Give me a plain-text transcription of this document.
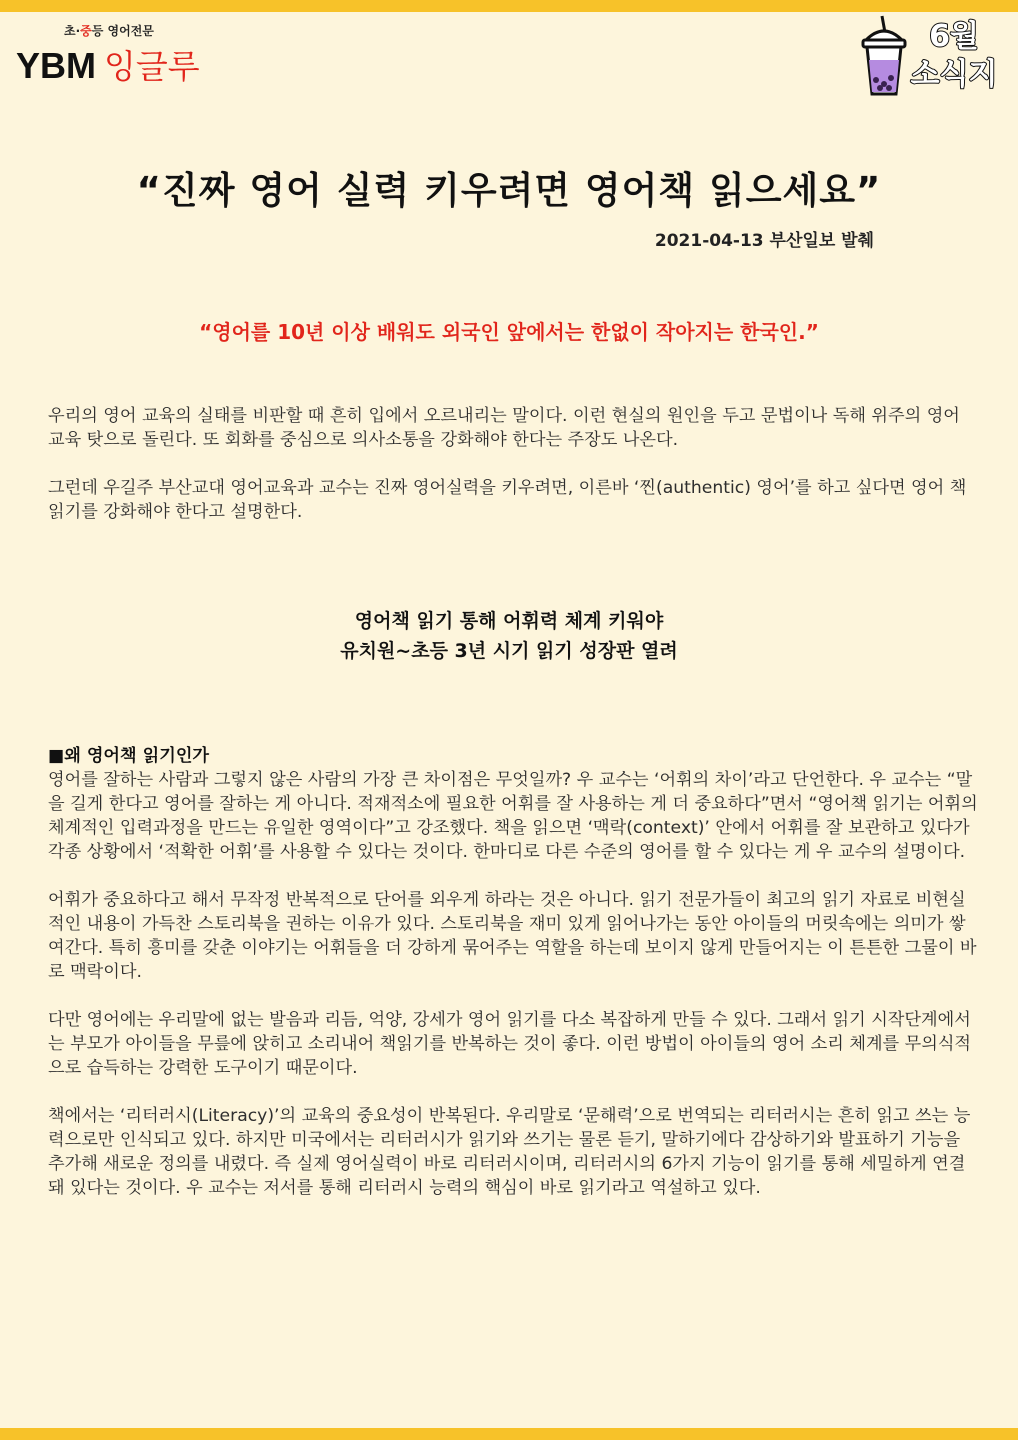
초·중등 영어전문
YBM 잉글루
6월
소식지
“진짜 영어 실력 키우려면 영어책 읽으세요”
2021-04-13 부산일보 발췌
“영어를 10년 이상 배워도 외국인 앞에서는 한없이 작아지는 한국인.”

우리의 영어 교육의 실태를 비판할 때 흔히 입에서 오르내리는 말이다. 이런 현실의 원인을 두고 문법이나 독해 위주의 영어 교육 탓으로 돌린다. 또 회화를 중심으로 의사소통을 강화해야 한다는 주장도 나온다.

그런데 우길주 부산교대 영어교육과 교수는 진짜 영어실력을 키우려면, 이른바 ‘찐(authentic) 영어’를 하고 싶다면 영어 책읽기를 강화해야 한다고 설명한다.

영어책 읽기 통해 어휘력 체계 키워야
유치원~초등 3년 시기 읽기 성장판 열려

■왜 영어책 읽기인가
영어를 잘하는 사람과 그렇지 않은 사람의 가장 큰 차이점은 무엇일까? 우 교수는 ‘어휘의 차이’라고 단언한다. 우 교수는 “말을 길게 한다고 영어를 잘하는 게 아니다. 적재적소에 필요한 어휘를 잘 사용하는 게 더 중요하다”면서 “영어책 읽기는 어휘의 체계적인 입력과정을 만드는 유일한 영역이다”고 강조했다. 책을 읽으면 ‘맥락(context)’ 안에서 어휘를 잘 보관하고 있다가 각종 상황에서 ‘적확한 어휘’를 사용할 수 있다는 것이다. 한마디로 다른 수준의 영어를 할 수 있다는 게 우 교수의 설명이다.

어휘가 중요하다고 해서 무작정 반복적으로 단어를 외우게 하라는 것은 아니다. 읽기 전문가들이 최고의 읽기 자료로 비현실적인 내용이 가득찬 스토리북을 권하는 이유가 있다. 스토리북을 재미 있게 읽어나가는 동안 아이들의 머릿속에는 의미가 쌓여간다. 특히 흥미를 갖춘 이야기는 어휘들을 더 강하게 묶어주는 역할을 하는데 보이지 않게 만들어지는 이 튼튼한 그물이 바로 맥락이다.

다만 영어에는 우리말에 없는 발음과 리듬, 억양, 강세가 영어 읽기를 다소 복잡하게 만들 수 있다. 그래서 읽기 시작단계에서는 부모가 아이들을 무릎에 앉히고 소리내어 책읽기를 반복하는 것이 좋다. 이런 방법이 아이들의 영어 소리 체계를 무의식적으로 습득하는 강력한 도구이기 때문이다.

책에서는 ‘리터러시(Literacy)’의 교육의 중요성이 반복된다. 우리말로 ‘문해력’으로 번역되는 리터러시는 흔히 읽고 쓰는 능력으로만 인식되고 있다. 하지만 미국에서는 리터러시가 읽기와 쓰기는 물론 듣기, 말하기에다 감상하기와 발표하기 기능을 추가해 새로운 정의를 내렸다. 즉 실제 영어실력이 바로 리터러시이며, 리터러시의 6가지 기능이 읽기를 통해 세밀하게 연결돼 있다는 것이다. 우 교수는 저서를 통해 리터러시 능력의 핵심이 바로 읽기라고 역설하고 있다.
